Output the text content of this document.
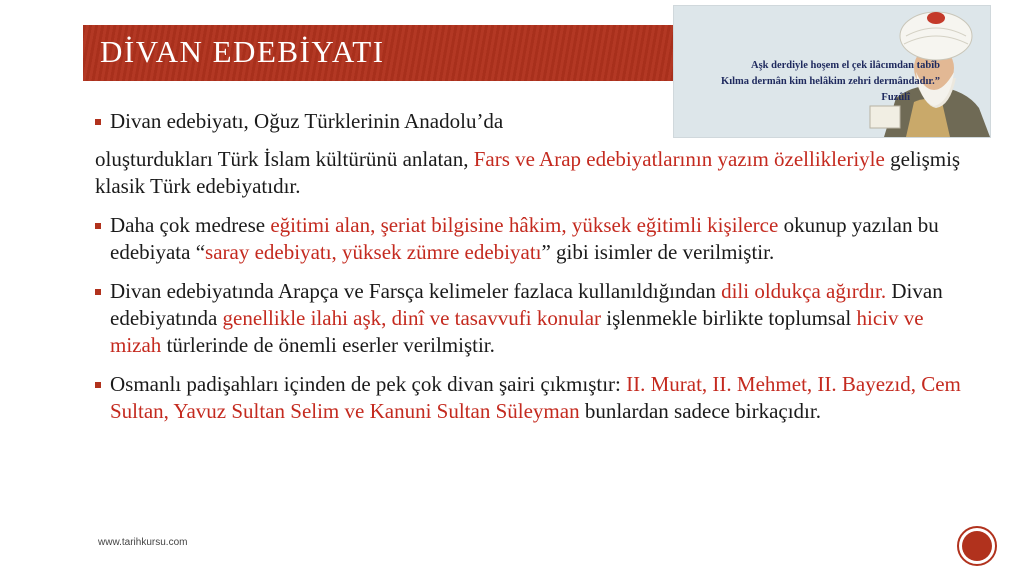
DİVAN EDEBİYATI	Aşk derdiyle hoşem el çek ilâcımdan tabîb
Kılma dermân kim helâkim zehri dermândadır.”
Fuzûlî
Divan edebiyatı, Oğuz Türklerinin Anadolu’da
oluşturdukları Türk İslam kültürünü anlatan, Fars ve Arap edebiyatlarının yazım özellikleriyle gelişmiş klasik Türk edebiyatıdır.
Daha çok medrese eğitimi alan, şeriat bilgisine hâkim, yüksek eğitimli kişilerce okunup yazılan bu edebiyata “saray edebiyatı, yüksek zümre edebiyatı” gibi isimler de verilmiştir.
Divan edebiyatında Arapça ve Farsça kelimeler fazlaca kullanıldığından dili oldukça ağırdır. Divan edebiyatında genellikle ilahi aşk, dinî ve tasavvufi konular işlenmekle birlikte toplumsal hiciv ve mizah türlerinde de önemli eserler verilmiştir.
Osmanlı padişahları içinden de pek çok divan şairi çıkmıştır: II. Murat, II. Mehmet, II. Bayezıd, Cem Sultan, Yavuz Sultan Selim ve Kanuni Sultan Süleyman bunlardan sadece birkaçıdır.
www.tarihkursu.com
